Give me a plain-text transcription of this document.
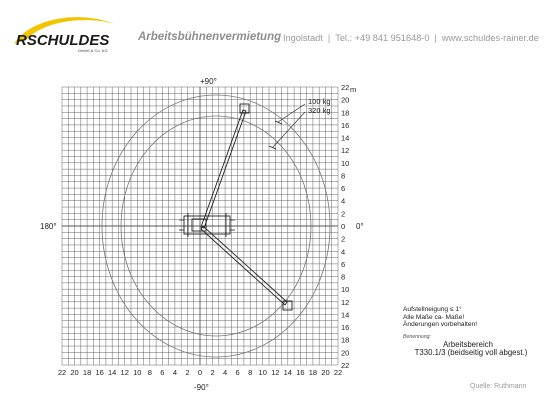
RSCHULDES
GmbH & Co. KG
Arbeitsbühnenvermietung Ingolstadt | Tel.: +49 841 951648-0 | www.schuldes-rainer.de
100 kg
320 kg
22
20
18
16
14
12
10
8
6
4
2
0
2
4
6
8
10
12
14
16
18
20
22
22 20 18 16 14 12 10 8 6 4 2 0 2 4 6 8 10 12 14 16 18 20 22
m
+90°
-90°
180°	0°
Aufstellneigung ≤ 1°
Alle Maße ca- Maße!
Änderungen vorbehalten!
Benennung:
Arbeitsbereich
T330.1/3 (beidseitig voll abgest.)
Quelle: Ruthmann
